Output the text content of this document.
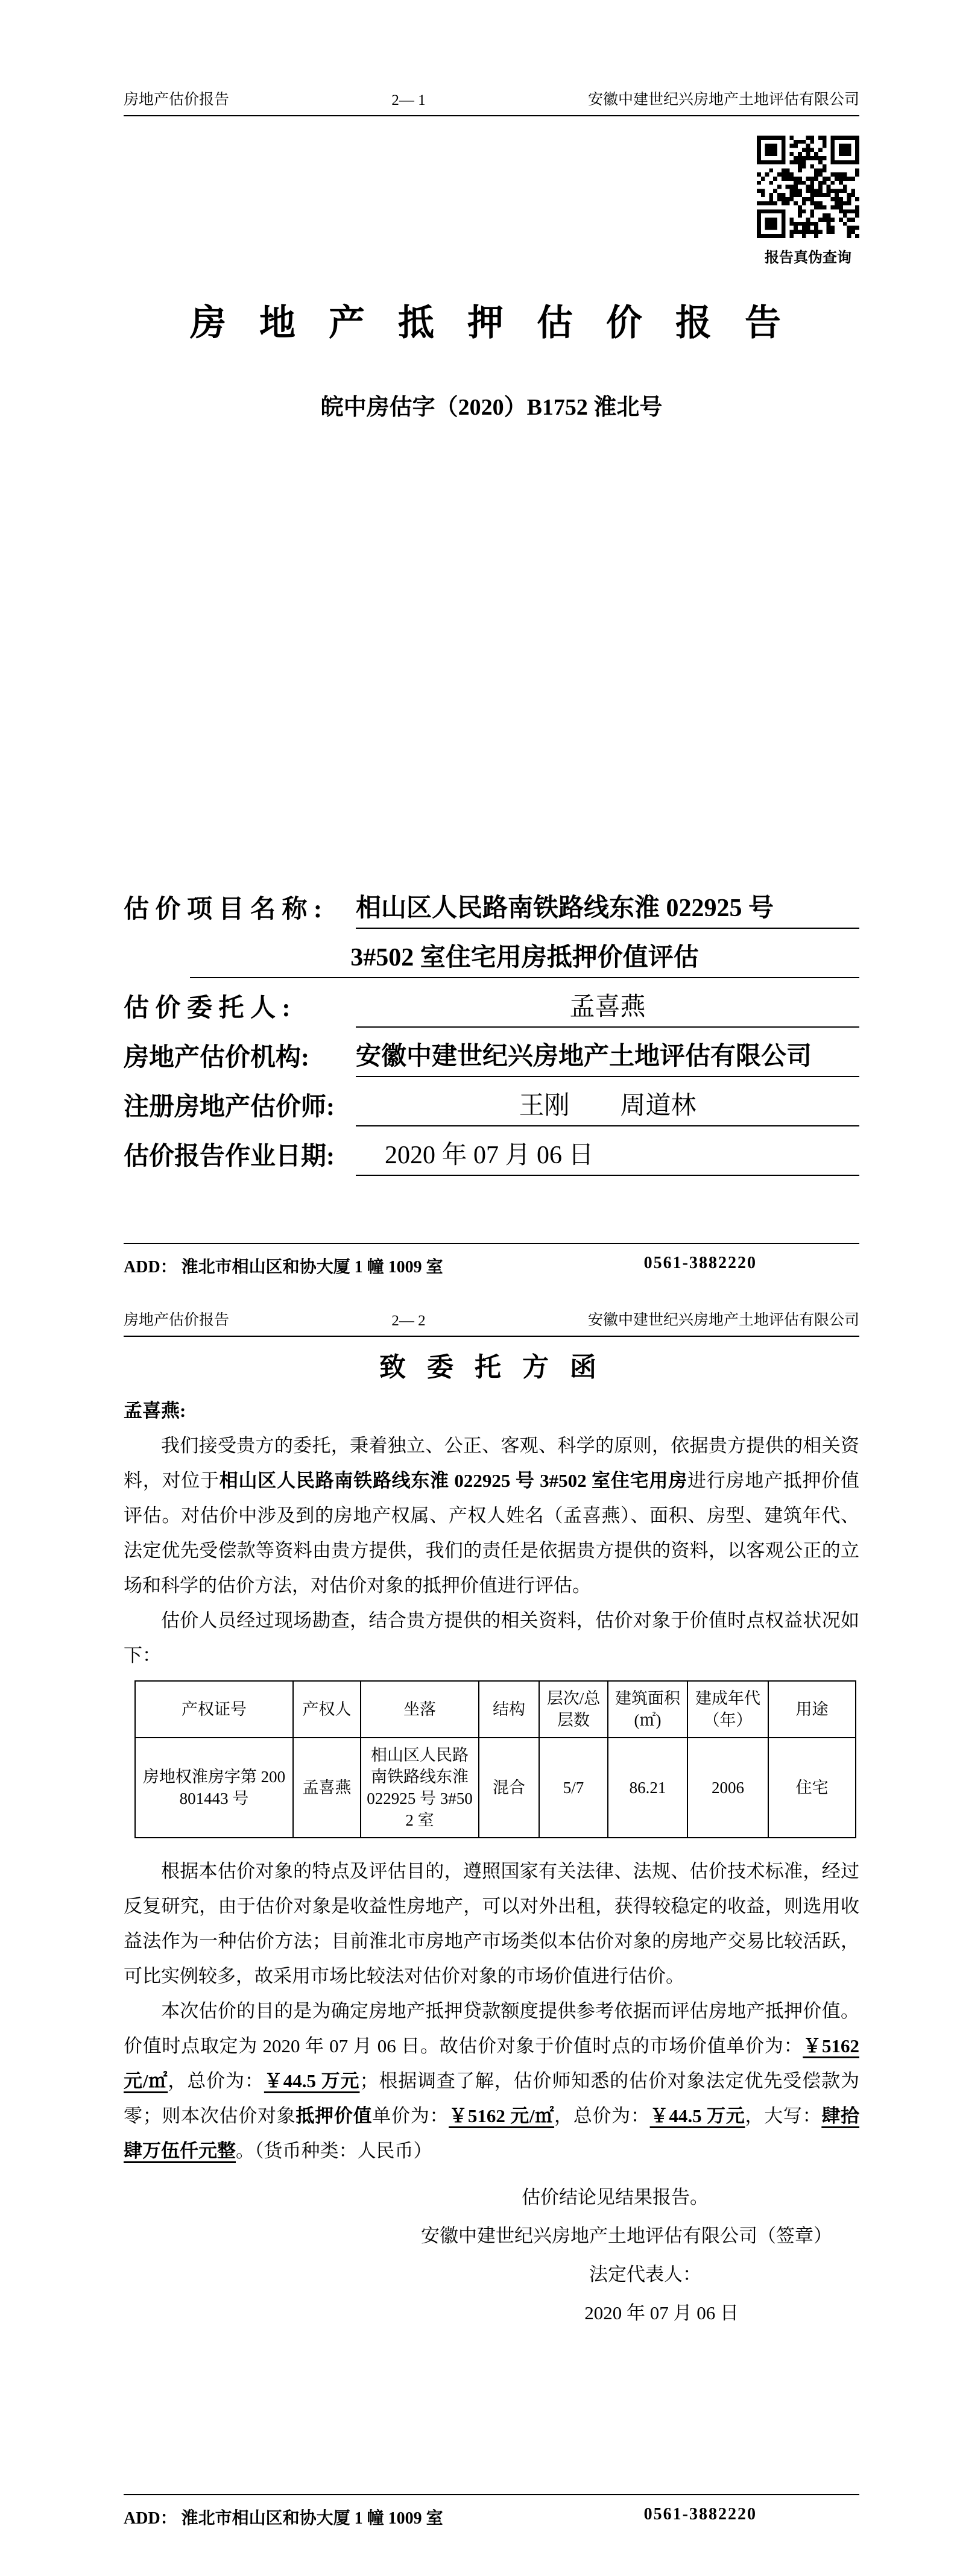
房地产估价报告	2— 1	安徽中建世纪兴房地产土地评估有限公司
报告真伪查询
房 地 产 抵 押 估 价 报 告
皖中房估字（2020）B1752 淮北号
估 价 项 目 名 称 :	相山区人民路南铁路线东淮 022925 号
3#502 室住宅用房抵押价值评估
估 价 委 托 人 :	孟喜燕
房地产估价机构:	安徽中建世纪兴房地产土地评估有限公司
注册房地产估价师:	王刚　　周道林
估价报告作业日期:	2020 年 07 月 06 日
ADD： 淮北市相山区和协大厦 1 幢 1009 室	0561-3882220
房地产估价报告	2— 2	安徽中建世纪兴房地产土地评估有限公司
致 委 托 方 函
孟喜燕:

我们接受贵方的委托，秉着独立、公正、客观、科学的原则，依据贵方提供的相关资料，对位于相山区人民路南铁路线东淮 022925 号 3#502 室住宅用房进行房地产抵押价值评估。对估价中涉及到的房地产权属、产权人姓名（孟喜燕）、面积、房型、建筑年代、法定优先受偿款等资料由贵方提供，我们的责任是依据贵方提供的资料，以客观公正的立场和科学的估价方法，对估价对象的抵押价值进行评估。

估价人员经过现场勘查，结合贵方提供的相关资料，估价对象于价值时点权益状况如下：

产权证号	产权人	坐落	结构	层次/总层数	建筑面积(㎡)	建成年代（年）	用途
房地权淮房字第 200801443 号	孟喜燕	相山区人民路南铁路线东淮 022925 号 3#502 室	混合	5/7	86.21	2006	住宅

根据本估价对象的特点及评估目的，遵照国家有关法律、法规、估价技术标准，经过反复研究，由于估价对象是收益性房地产，可以对外出租，获得较稳定的收益，则选用收益法作为一种估价方法；目前淮北市房地产市场类似本估价对象的房地产交易比较活跃，可比实例较多，故采用市场比较法对估价对象的市场价值进行估价。

本次估价的目的是为确定房地产抵押贷款额度提供参考依据而评估房地产抵押价值。价值时点取定为 2020 年 07 月 06 日。故估价对象于价值时点的市场价值单价为：￥5162 元/㎡，总价为：￥44.5 万元；根据调查了解，估价师知悉的估价对象法定优先受偿款为零；则本次估价对象抵押价值单价为：￥5162 元/㎡，总价为：￥44.5 万元，大写：肆拾肆万伍仟元整。（货币种类：人民币）

估价结论见结果报告。
安徽中建世纪兴房地产土地评估有限公司（签章）
法定代表人：
2020 年 07 月 06 日
ADD： 淮北市相山区和协大厦 1 幢 1009 室	0561-3882220
